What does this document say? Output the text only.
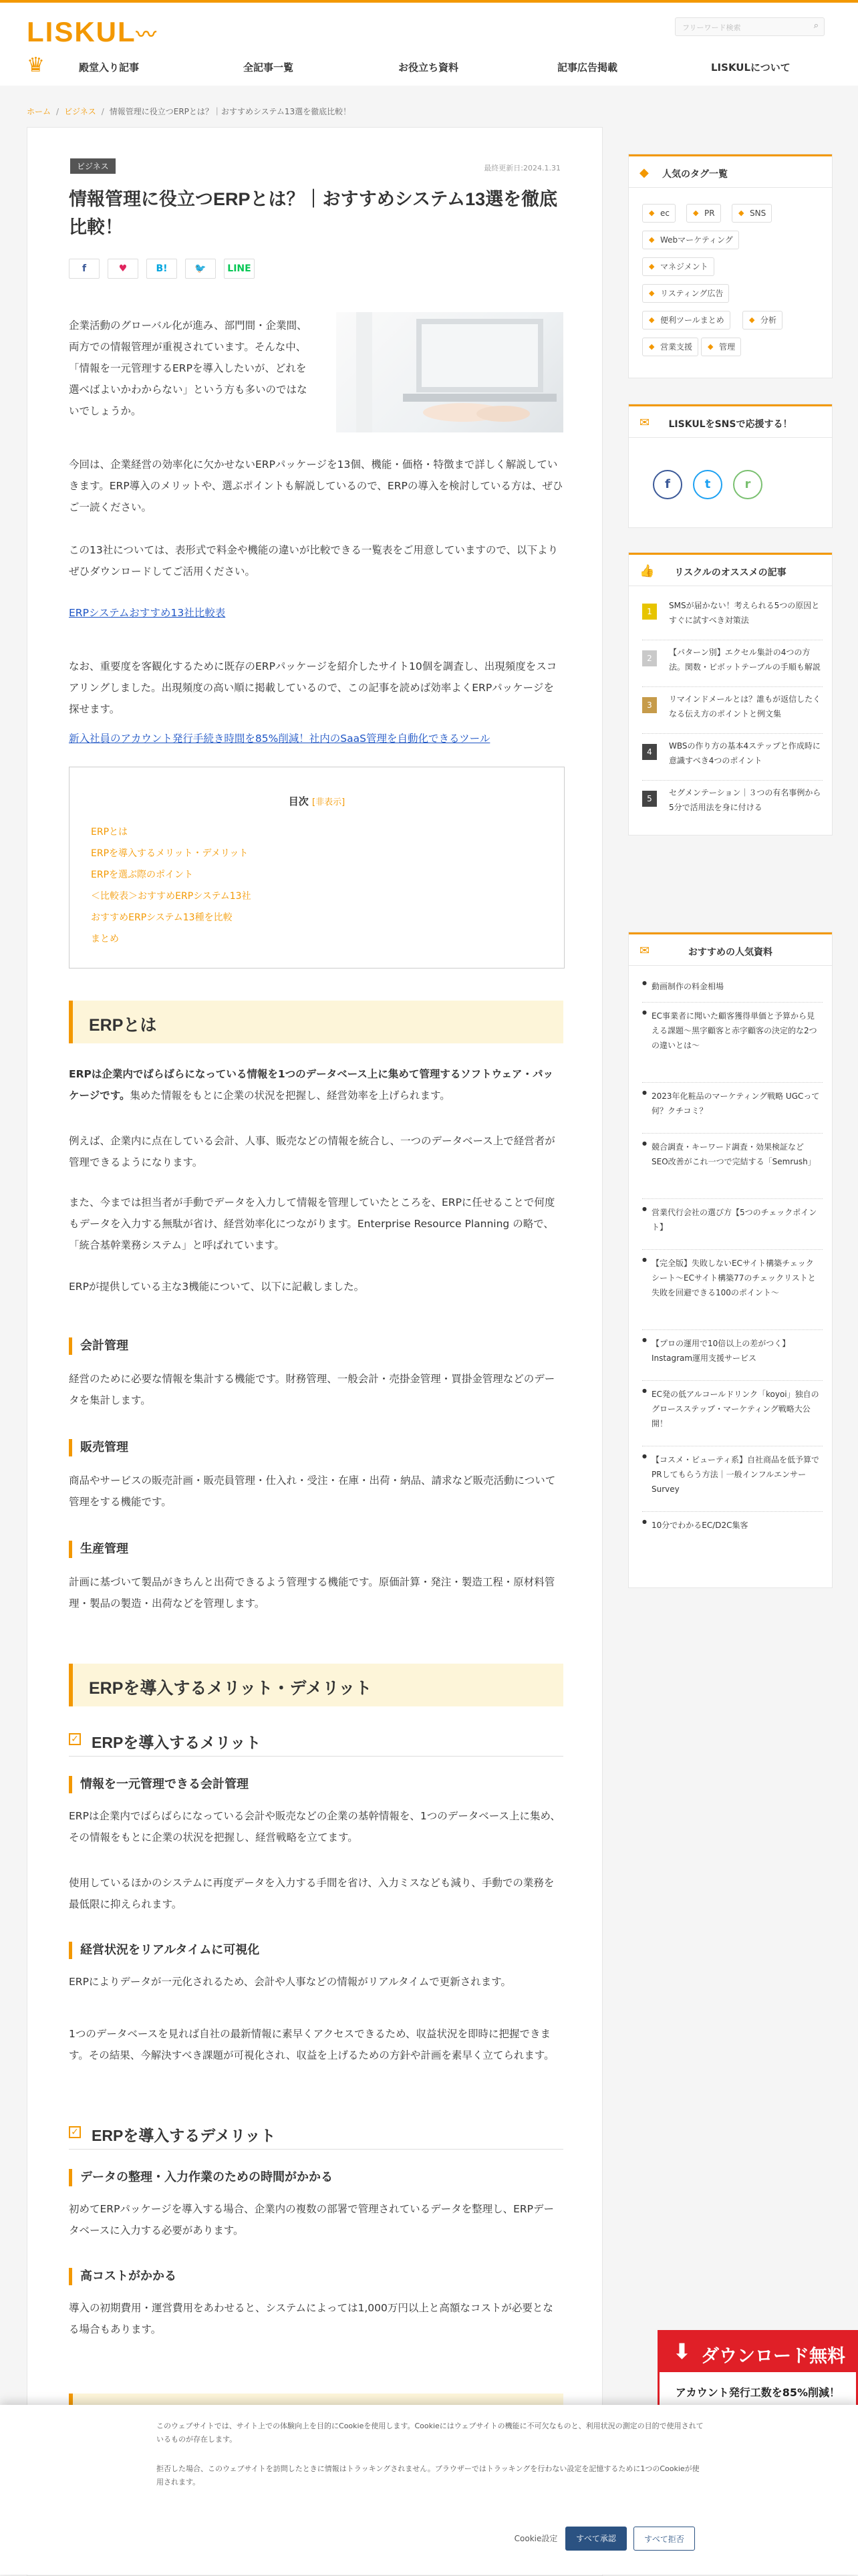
LISKUL〰	フリーワード検索	⌕
♛	殿堂入り記事	全記事一覧	お役立ち資料	記事広告掲載	LISKULについて
ホーム / ビジネス / 情報管理に役立つERPとは？｜おすすめシステム13選を徹底比較！
ビジネス	最終更新日:2024.1.31
情報管理に役立つERPとは？｜おすすめシステム13選を徹底比較！
f	♥	B!	🐦	LINE

企業活動のグローバル化が進み、部門間・企業間、両方での情報管理が重視されています。そんな中、「情報を一元管理するERPを導入したいが、どれを選べばよいかわからない」という方も多いのではないでしょうか。

今回は、企業経営の効率化に欠かせないERPパッケージを13個、機能・価格・特徴まで詳しく解説していきます。ERP導入のメリットや、選ぶポイントも解説しているので、ERPの導入を検討している方は、ぜひご一読ください。

この13社については、表形式で料金や機能の違いが比較できる一覧表をご用意していますので、以下よりぜひダウンロードしてご活用ください。

ERPシステムおすすめ13社比較表

なお、重要度を客観化するために既存のERPパッケージを紹介したサイト10個を調査し、出現頻度をスコアリングしました。出現頻度の高い順に掲載しているので、この記事を読めば効率よくERPパッケージを探せます。

新入社員のアカウント発行手続き時間を85%削減！社内のSaaS管理を自動化できるツール
目次 [非表示]
ERPとは
ERPを導入するメリット・デメリット
ERPを選ぶ際のポイント
＜比較表＞おすすめERPシステム13社
おすすめERPシステム13種を比較
まとめ
ERPとは

ERPは企業内でばらばらになっている情報を1つのデータベース上に集めて管理するソフトウェア・パッケージです。集めた情報をもとに企業の状況を把握し、経営効率を上げられます。

例えば、企業内に点在している会計、人事、販売などの情報を統合し、一つのデータベース上で経営者が管理できるようになります。

また、今までは担当者が手動でデータを入力して情報を管理していたところを、ERPに任せることで何度もデータを入力する無駄が省け、経営効率化につながります。Enterprise Resource Planning の略で、「統合基幹業務システム」と呼ばれています。

ERPが提供している主な3機能について、以下に記載しました。

会計管理

経営のために必要な情報を集計する機能です。財務管理、一般会計・売掛金管理・買掛金管理などのデータを集計します。

販売管理

商品やサービスの販売計画・販売員管理・仕入れ・受注・在庫・出荷・納品、請求など販売活動について管理をする機能です。

生産管理

計画に基づいて製品がきちんと出荷できるよう管理する機能です。原価計算・発注・製造工程・原材料管理・製品の製造・出荷などを管理します。

ERPを導入するメリット・デメリット
✓ ERPを導入するメリット
情報を一元管理できる会計管理

ERPは企業内でばらばらになっている会計や販売などの企業の基幹情報を、1つのデータベース上に集め、その情報をもとに企業の状況を把握し、経営戦略を立てます。

使用しているほかのシステムに再度データを入力する手間を省け、入力ミスなども減り、手動での業務を最低限に抑えられます。

経営状況をリアルタイムに可視化

ERPによりデータが一元化されるため、会計や人事などの情報がリアルタイムで更新されます。

1つのデータベースを見れば自社の最新情報に素早くアクセスできるため、収益状況を即時に把握できます。その結果、今解決すべき課題が可視化され、収益を上げるための方針や計画を素早く立てられます。

✓ ERPを導入するデメリット
データの整理・入力作業のための時間がかかる

初めてERPパッケージを導入する場合、企業内の複数の部署で管理されているデータを整理し、ERPデータベースに入力する必要があります。

高コストがかかる

導入の初期費用・運営費用をあわせると、システムによっては1,000万円以上と高額なコストが必要となる場合もあります。

◆ 人気のタグ一覧
◆ ec	◆ PR	◆ SNS
◆ Webマーケティング
◆ マネジメント
◆ リスティング広告
◆ 便利ツールまとめ	◆ 分析
◆ 営業支援	◆ 管理
✉	LISKULをSNSで応援する！
f	t	r
👍	リスクルのオススメの記事
1
SMSが届かない！考えられる5つの原因とすぐに試すべき対策法
2
【パターン別】エクセル集計の4つの方法。関数・ピボットテーブルの手順も解説
3
リマインドメールとは？誰もが返信したくなる伝え方のポイントと例文集
4
WBSの作り方の基本4ステップと作成時に意識すべき4つのポイント
5
セグメンテーション｜３つの有名事例から5分で活用法を身に付ける
✉	おすすめの人気資料
● 動画制作の料金相場
● EC事業者に聞いた顧客獲得単価と予算から見える課題〜黒字顧客と赤字顧客の決定的な2つの違いとは〜
● 2023年化粧品のマーケティング戦略 UGCって何？クチコミ？
● 競合調査・キーワード調査・効果検証などSEO改善がこれ一つで完結する「Semrush」
● 営業代行会社の選び方【5つのチェックポイント】
● 【完全版】失敗しないECサイト構築チェックシート〜ECサイト構築77のチェックリストと失敗を回避できる100のポイント〜
● 【プロの運用で10倍以上の差がつく】Instagram運用支援サービス
● EC発の低アルコールドリンク「koyoi」独自のグロースステップ・マーケティング戦略大公開！
● 【コスメ・ビューティ系】自社商品を低予算でPRしてもらう方法｜一般インフルエンサーSurvey
● 10分でわかるEC/D2C集客
⬇ ダウンロード無料
アカウント発行工数を85%削減！

このウェブサイトでは、サイト上での体験向上を目的にCookieを使用します。Cookieにはウェブサイトの機能に不可欠なものと、利用状況の測定の目的で使用されているものが存在します。

拒否した場合、このウェブサイトを訪問したときに情報はトラッキングされません。ブラウザーではトラッキングを行わない設定を記憶するために1つのCookieが使用されます。

Cookie設定	すべて承認	すべて拒否
